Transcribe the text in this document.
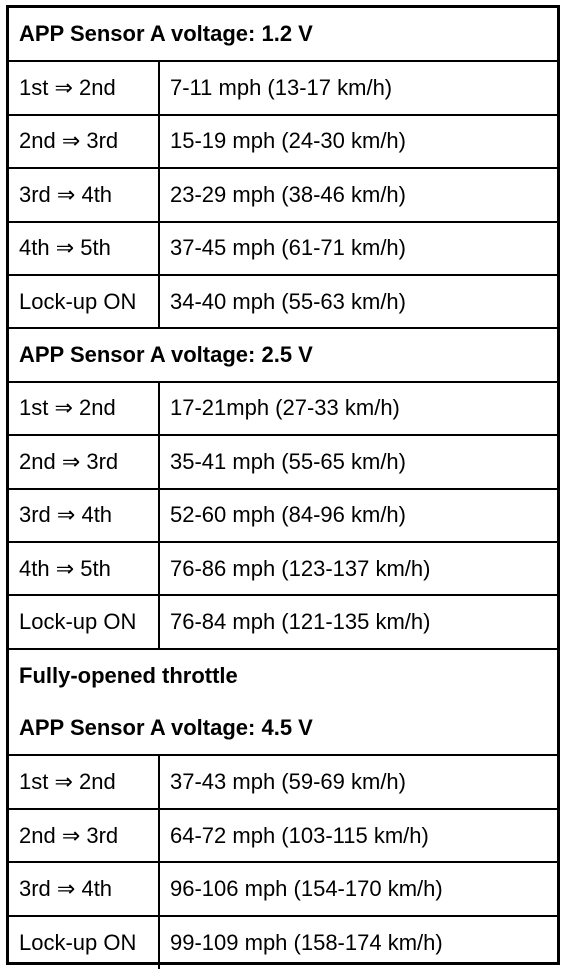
APP Sensor A voltage: 1.2 V	
1st ⇒ 2nd	7-11 mph (13-17 km/h)
2nd ⇒ 3rd	15-19 mph (24-30 km/h)
3rd ⇒ 4th	23-29 mph (38-46 km/h)
4th ⇒ 5th	37-45 mph (61-71 km/h)
Lock-up ON	34-40 mph (55-63 km/h)
APP Sensor A voltage: 2.5 V	
1st ⇒ 2nd	17-21mph (27-33 km/h)
2nd ⇒ 3rd	35-41 mph (55-65 km/h)
3rd ⇒ 4th	52-60 mph (84-96 km/h)
4th ⇒ 5th	76-86 mph (123-137 km/h)
Lock-up ON	76-84 mph (121-135 km/h)

Fully-opened throttle
APP Sensor A voltage: 4.5 V	

1st ⇒ 2nd	37-43 mph (59-69 km/h)
2nd ⇒ 3rd	64-72 mph (103-115 km/h)
3rd ⇒ 4th	96-106 mph (154-170 km/h)
Lock-up ON	99-109 mph (158-174 km/h)
